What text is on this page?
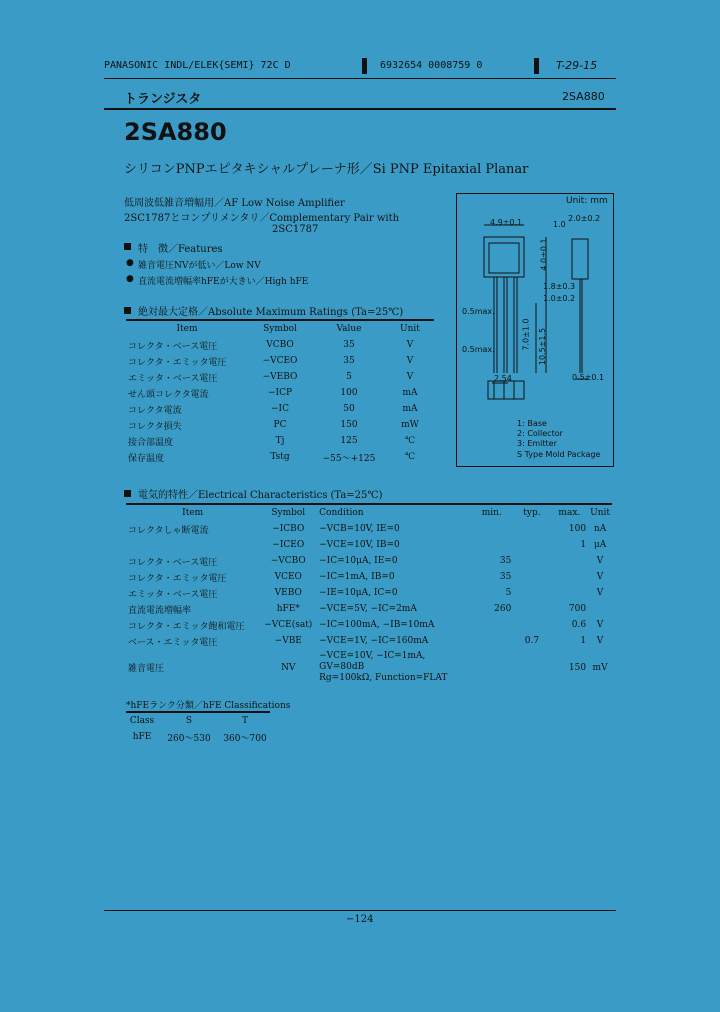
PANASONIC INDL/ELEK{SEMI} 72C D	6932654 0008759 0	T-29-15
トランジスタ	2SA880
2SA880
シリコンPNPエピタキシャルプレーナ形／Si PNP Epitaxial Planar
低周波低雑音増幅用／AF Low Noise Amplifier
2SC1787とコンプリメンタリ／Complementary Pair with
2SC1787
特　徴／Features
● 雑音電圧NVが低い／Low NV
● 直流電流増幅率hFEが大きい／High hFE
絶対最大定格／Absolute Maximum Ratings (Ta=25℃)
Item	Symbol	Value	Unit
コレクタ・ベース電圧	VCBO	35	V
コレクタ・エミッタ電圧	−VCEO	35	V
エミッタ・ベース電圧	−VEBO	5	V
せん頭コレクタ電流	−ICP	100	mA
コレクタ電流	−IC	50	mA
コレクタ損失	PC	150	mW
接合部温度	Tj	125	℃
保存温度	Tstg	−55〜+125	℃
Unit: mm
4.9±0.1	1.0
2.0±0.2
4.0±0.1
1.8±0.3
1.0±0.2
0.5max.
0.5max.	7.0±1.0 10.5±1.5
2.54	0.5±0.1
1: Base
2: Collector
3: Emitter
S Type Mold Package
電気的特性／Electrical Characteristics (Ta=25℃)
Item	Symbol	Condition	min.	typ.	max.	Unit
コレクタしゃ断電流	−ICBO	−VCB=10V, IE=0			100	nA
	−ICEO	−VCE=10V, IB=0			1	μA
コレクタ・ベース電圧	−VCBO	−IC=10μA, IE=0	35			V
コレクタ・エミッタ電圧	VCEO	−IC=1mA, IB=0	35			V
エミッタ・ベース電圧	VEBO	−IE=10μA, IC=0	5			V
直流電流増幅率	hFE*	−VCE=5V, −IC=2mA	260		700	
コレクタ・エミッタ飽和電圧	−VCE(sat)	−IC=100mA, −IB=10mA			0.6	V
ベース・エミッタ電圧	−VBE	−VCE=1V, −IC=160mA		0.7	1	V
雑音電圧	NV	−VCE=10V, −IC=1mA,
GV=80dB
Rg=100kΩ, Function=FLAT			150	mV
*hFEランク分類／hFE Classifications
Class	S	T
hFE	260〜530	360〜700
−124
